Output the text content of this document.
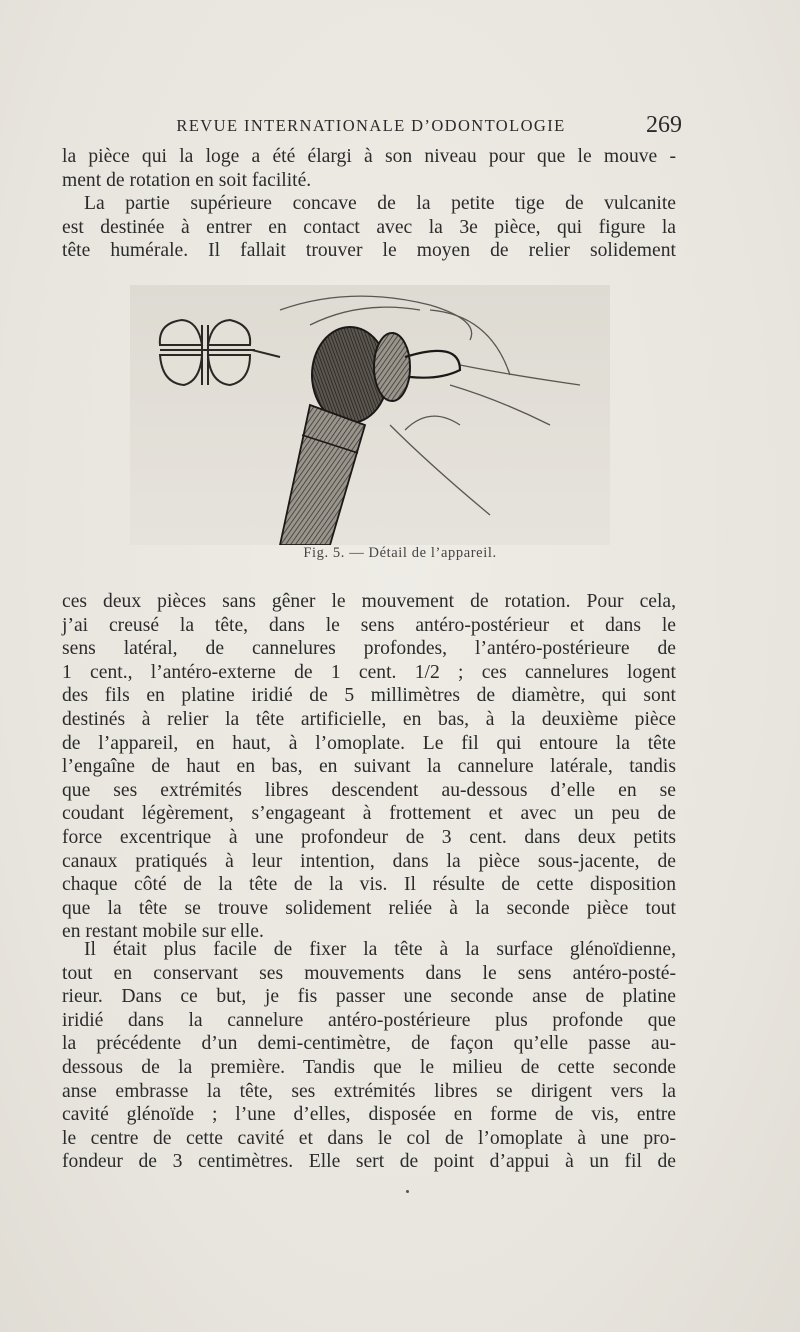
REVUE INTERNATIONALE D’ODONTOLOGIE	269

la pièce qui la loge a été élargi à son niveau pour que le mouve -
ment de rotation en soit facilité.

La partie supérieure concave de la petite tige de vulcanite
est destinée à entrer en contact avec la 3e pièce, qui figure la
tête humérale. Il fallait trouver le moyen de relier solidement

Fig. 5. — Détail de l’appareil.

ces deux pièces sans gêner le mouvement de rotation. Pour cela,
j’ai creusé la tête, dans le sens antéro-postérieur et dans le
sens latéral, de cannelures profondes, l’antéro-postérieure de
1 cent., l’antéro-externe de 1 cent. 1/2 ; ces cannelures logent
des fils en platine iridié de 5 millimètres de diamètre, qui sont
destinés à relier la tête artificielle, en bas, à la deuxième pièce
de l’appareil, en haut, à l’omoplate. Le fil qui entoure la tête
l’engaîne de haut en bas, en suivant la cannelure latérale, tandis
que ses extrémités libres descendent au-dessous d’elle en se
coudant légèrement, s’engageant à frottement et avec un peu de
force excentrique à une profondeur de 3 cent. dans deux petits
canaux pratiqués à leur intention, dans la pièce sous-jacente, de
chaque côté de la tête de la vis. Il résulte de cette disposition
que la tête se trouve solidement reliée à la seconde pièce tout
en restant mobile sur elle.

Il était plus facile de fixer la tête à la surface glénoïdienne,
tout en conservant ses mouvements dans le sens antéro-posté-
rieur. Dans ce but, je fis passer une seconde anse de platine
iridié dans la cannelure antéro-postérieure plus profonde que
la précédente d’un demi-centimètre, de façon qu’elle passe au-
dessous de la première. Tandis que le milieu de cette seconde
anse embrasse la tête, ses extrémités libres se dirigent vers la
cavité glénoïde ; l’une d’elles, disposée en forme de vis, entre
le centre de cette cavité et dans le col de l’omoplate à une pro-
fondeur de 3 centimètres. Elle sert de point d’appui à un fil de
